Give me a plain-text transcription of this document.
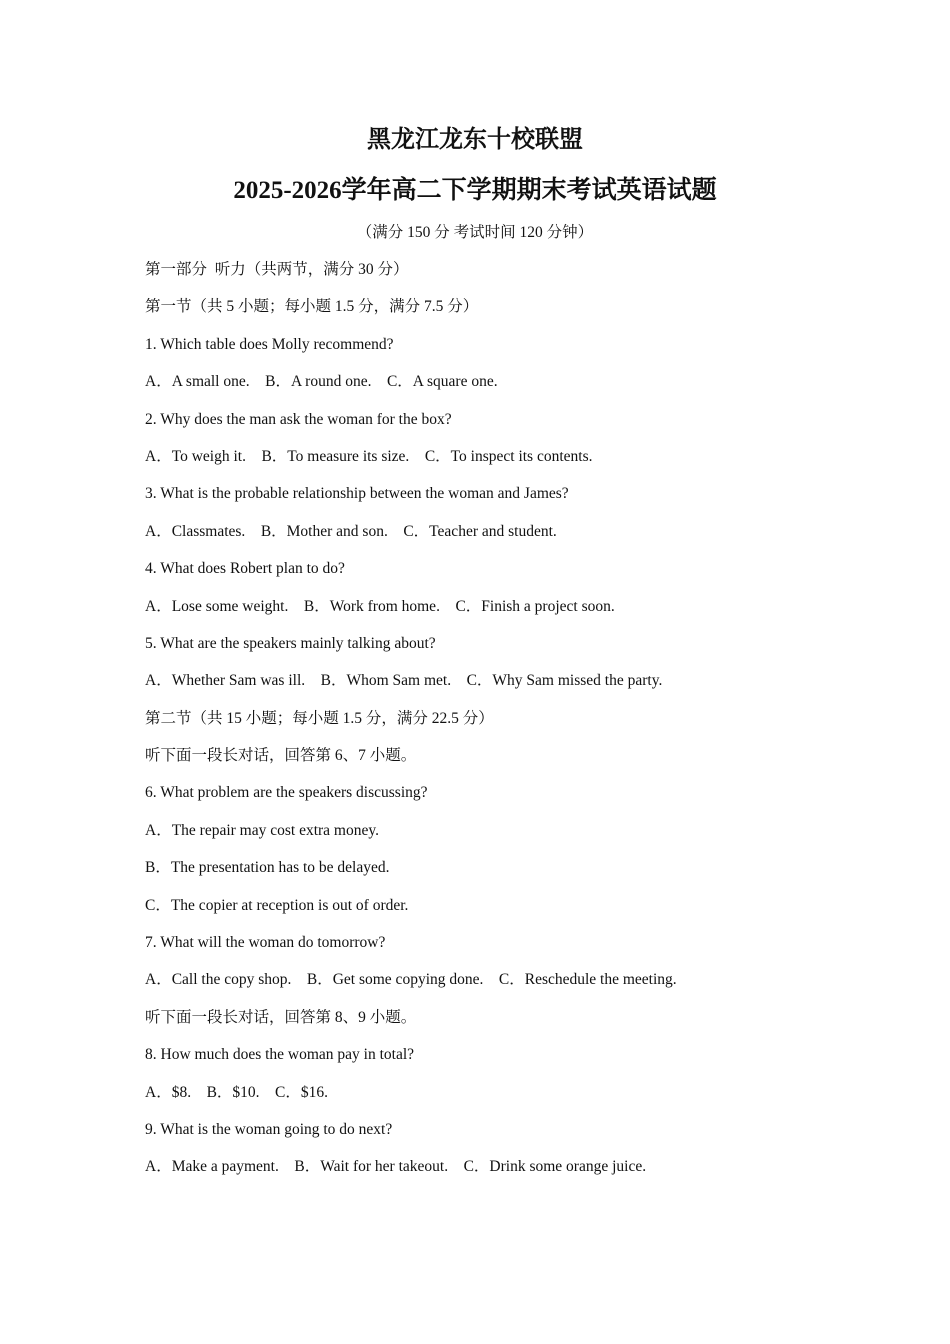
黑龙江龙东十校联盟
2025-2026学年高二下学期期末考试英语试题
（满分 150 分 考试时间 120 分钟）
第一部分  听力（共两节，满分 30 分）
第一节（共 5 小题；每小题 1.5 分，满分 7.5 分）
1. Which table does Molly recommend?
A．A small one. B．A round one. C．A square one.
2. Why does the man ask the woman for the box?
A．To weigh it. B．To measure its size. C．To inspect its contents.
3. What is the probable relationship between the woman and James?
A．Classmates. B．Mother and son. C．Teacher and student.
4. What does Robert plan to do?
A．Lose some weight. B．Work from home. C．Finish a project soon.
5. What are the speakers mainly talking about?
A．Whether Sam was ill. B．Whom Sam met. C．Why Sam missed the party.
第二节（共 15 小题；每小题 1.5 分，满分 22.5 分）
听下面一段长对话，回答第 6、7 小题。
6. What problem are the speakers discussing?
A．The repair may cost extra money.
B．The presentation has to be delayed.
C．The copier at reception is out of order.
7. What will the woman do tomorrow?
A．Call the copy shop. B．Get some copying done. C．Reschedule the meeting.
听下面一段长对话，回答第 8、9 小题。
8. How much does the woman pay in total?
A．$8. B．$10. C．$16.
9. What is the woman going to do next?
A．Make a payment. B．Wait for her takeout. C．Drink some orange juice.
